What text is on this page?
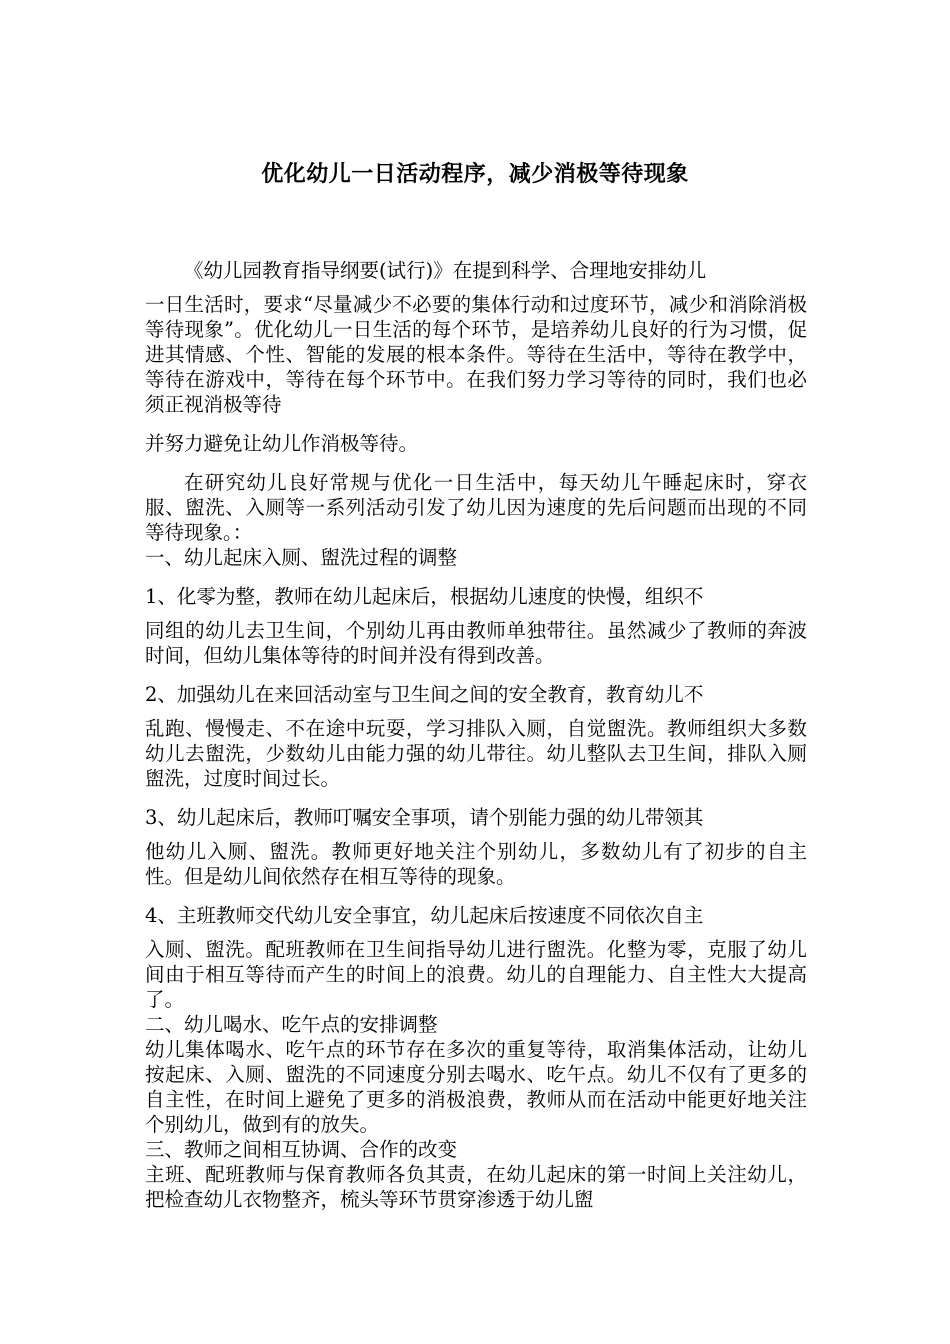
优化幼儿一日活动程序，减少消极等待现象

《幼儿园教育指导纲要(试行)》在提到科学、合理地安排幼儿
一日生活时，要求“尽量减少不必要的集体行动和过度环节，减少和消除消极等待现象”。优化幼儿一日生活的每个环节，是培养幼儿良好的行为习惯，促进其情感、个性、智能的发展的根本条件。等待在生活中，等待在教学中，等待在游戏中，等待在每个环节中。在我们努力学习等待的同时，我们也必须正视消极等待

并努力避免让幼儿作消极等待。

在研究幼儿良好常规与优化一日生活中，每天幼儿午睡起床时，穿衣服、盥洗、入厕等一系列活动引发了幼儿因为速度的先后问题而出现的不同等待现象。：

一、幼儿起床入厕、盥洗过程的调整

1、化零为整，教师在幼儿起床后，根据幼儿速度的快慢，组织不
同组的幼儿去卫生间，个别幼儿再由教师单独带往。虽然减少了教师的奔波时间，但幼儿集体等待的时间并没有得到改善。

2、加强幼儿在来回活动室与卫生间之间的安全教育，教育幼儿不
乱跑、慢慢走、不在途中玩耍，学习排队入厕，自觉盥洗。教师组织大多数幼儿去盥洗，少数幼儿由能力强的幼儿带往。幼儿整队去卫生间，排队入厕盥洗，过度时间过长。

3、幼儿起床后，教师叮嘱安全事项，请个别能力强的幼儿带领其
他幼儿入厕、盥洗。教师更好地关注个别幼儿，多数幼儿有了初步的自主性。但是幼儿间依然存在相互等待的现象。

4、主班教师交代幼儿安全事宜，幼儿起床后按速度不同依次自主
入厕、盥洗。配班教师在卫生间指导幼儿进行盥洗。化整为零，克服了幼儿间由于相互等待而产生的时间上的浪费。幼儿的自理能力、自主性大大提高了。

二、幼儿喝水、吃午点的安排调整

幼儿集体喝水、吃午点的环节存在多次的重复等待，取消集体活动，让幼儿按起床、入厕、盥洗的不同速度分别去喝水、吃午点。幼儿不仅有了更多的自主性，在时间上避免了更多的消极浪费，教师从而在活动中能更好地关注个别幼儿，做到有的放失。

三、教师之间相互协调、合作的改变

主班、配班教师与保育教师各负其责，在幼儿起床的第一时间上关注幼儿，把检查幼儿衣物整齐，梳头等环节贯穿渗透于幼儿盥
